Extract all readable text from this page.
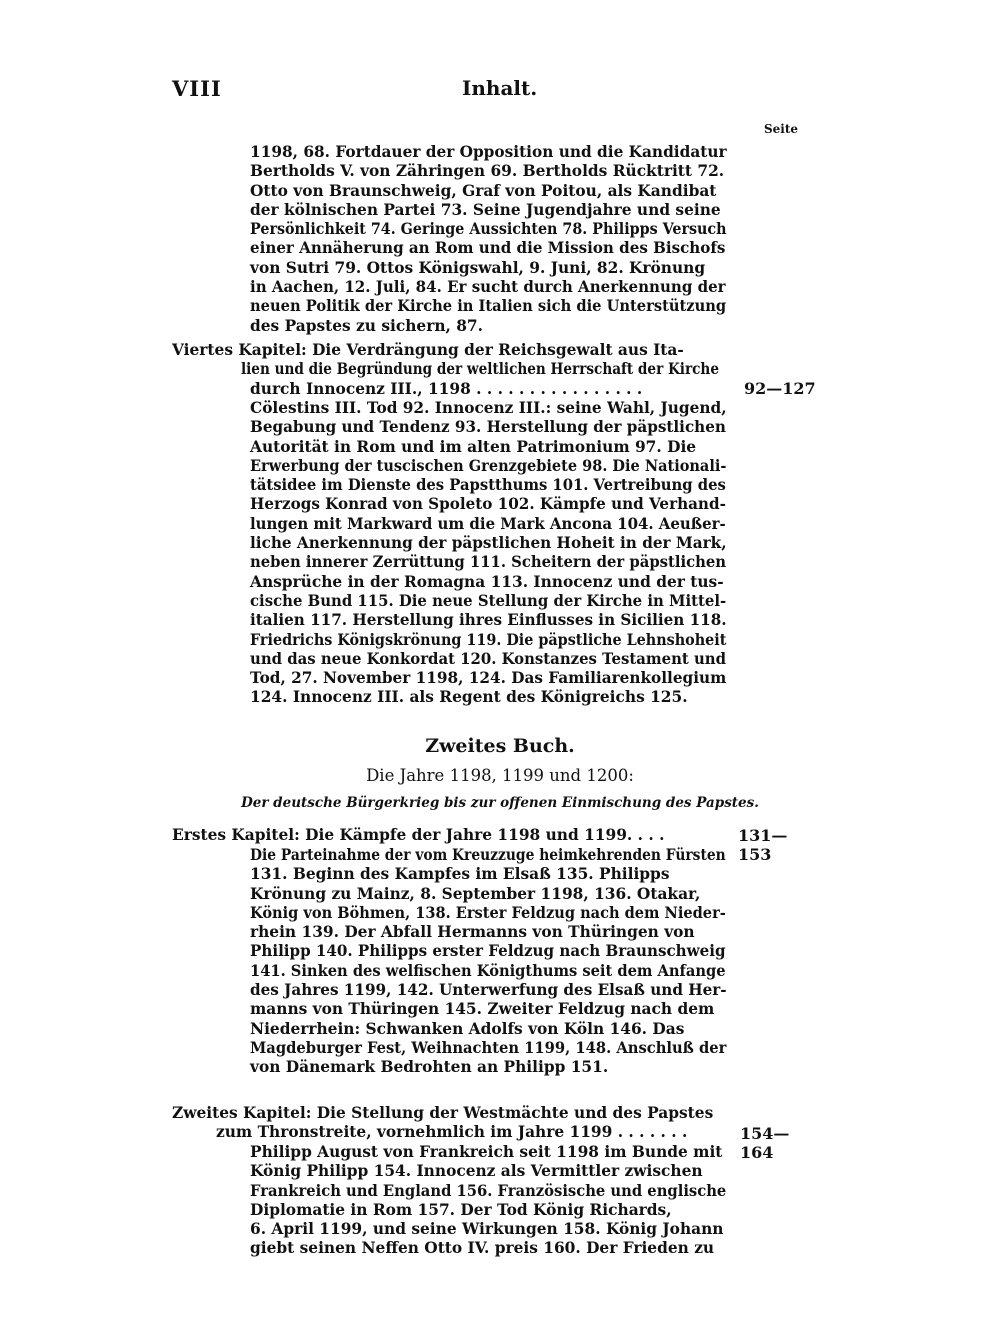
VIII	Inhalt.
Seite
1198, 68. Fortdauer der Opposition und die Kandidatur
Bertholds V. von Zähringen 69. Bertholds Rücktritt 72.
Otto von Braunschweig, Graf von Poitou, als Kandibat
der kölnischen Partei 73. Seine Jugendjahre und seine
Persönlichkeit 74. Geringe Aussichten 78. Philipps Versuch
einer Annäherung an Rom und die Mission des Bischofs
von Sutri 79. Ottos Königswahl, 9. Juni, 82. Krönung
in Aachen, 12. Juli, 84. Er sucht durch Anerkennung der
neuen Politik der Kirche in Italien sich die Unterstützung
des Papstes zu sichern, 87.
Viertes Kapitel: Die Verdrängung der Reichsgewalt aus Ita-
lien und die Begründung der weltlichen Herrschaft der Kirche
durch Innocenz III., 1198 . . . . . . . . . . . . . . . .	92—127
Cölestins III. Tod 92. Innocenz III.: seine Wahl, Jugend,
Begabung und Tendenz 93. Herstellung der päpstlichen
Autorität in Rom und im alten Patrimonium 97. Die
Erwerbung der tuscischen Grenzgebiete 98. Die Nationali-
tätsidee im Dienste des Papstthums 101. Vertreibung des
Herzogs Konrad von Spoleto 102. Kämpfe und Verhand-
lungen mit Markward um die Mark Ancona 104. Aeußer-
liche Anerkennung der päpstlichen Hoheit in der Mark,
neben innerer Zerrüttung 111. Scheitern der päpstlichen
Ansprüche in der Romagna 113. Innocenz und der tus-
cische Bund 115. Die neue Stellung der Kirche in Mittel-
italien 117. Herstellung ihres Einflusses in Sicilien 118.
Friedrichs Königskrönung 119. Die päpstliche Lehnshoheit
und das neue Konkordat 120. Konstanzes Testament und
Tod, 27. November 1198, 124. Das Familiarenkollegium
124. Innocenz III. als Regent des Königreichs 125.
Zweites Buch.
Die Jahre 1198, 1199 und 1200:
Der deutsche Bürgerkrieg bis zur offenen Einmischung des Papstes.
Erstes Kapitel: Die Kämpfe der Jahre 1198 und 1199. . . .	131—153
Die Parteinahme der vom Kreuzzuge heimkehrenden Fürsten
131. Beginn des Kampfes im Elsaß 135. Philipps
Krönung zu Mainz, 8. September 1198, 136. Otakar,
König von Böhmen, 138. Erster Feldzug nach dem Nieder-
rhein 139. Der Abfall Hermanns von Thüringen von
Philipp 140. Philipps erster Feldzug nach Braunschweig
141. Sinken des welfischen Königthums seit dem Anfange
des Jahres 1199, 142. Unterwerfung des Elsaß und Her-
manns von Thüringen 145. Zweiter Feldzug nach dem
Niederrhein: Schwanken Adolfs von Köln 146. Das
Magdeburger Fest, Weihnachten 1199, 148. Anschluß der
von Dänemark Bedrohten an Philipp 151.
Zweites Kapitel: Die Stellung der Westmächte und des Papstes
zum Thronstreite, vornehmlich im Jahre 1199 . . . . . . .	154—164
Philipp August von Frankreich seit 1198 im Bunde mit
König Philipp 154. Innocenz als Vermittler zwischen
Frankreich und England 156. Französische und englische
Diplomatie in Rom 157. Der Tod König Richards,
6. April 1199, und seine Wirkungen 158. König Johann
giebt seinen Neffen Otto IV. preis 160. Der Frieden zu
